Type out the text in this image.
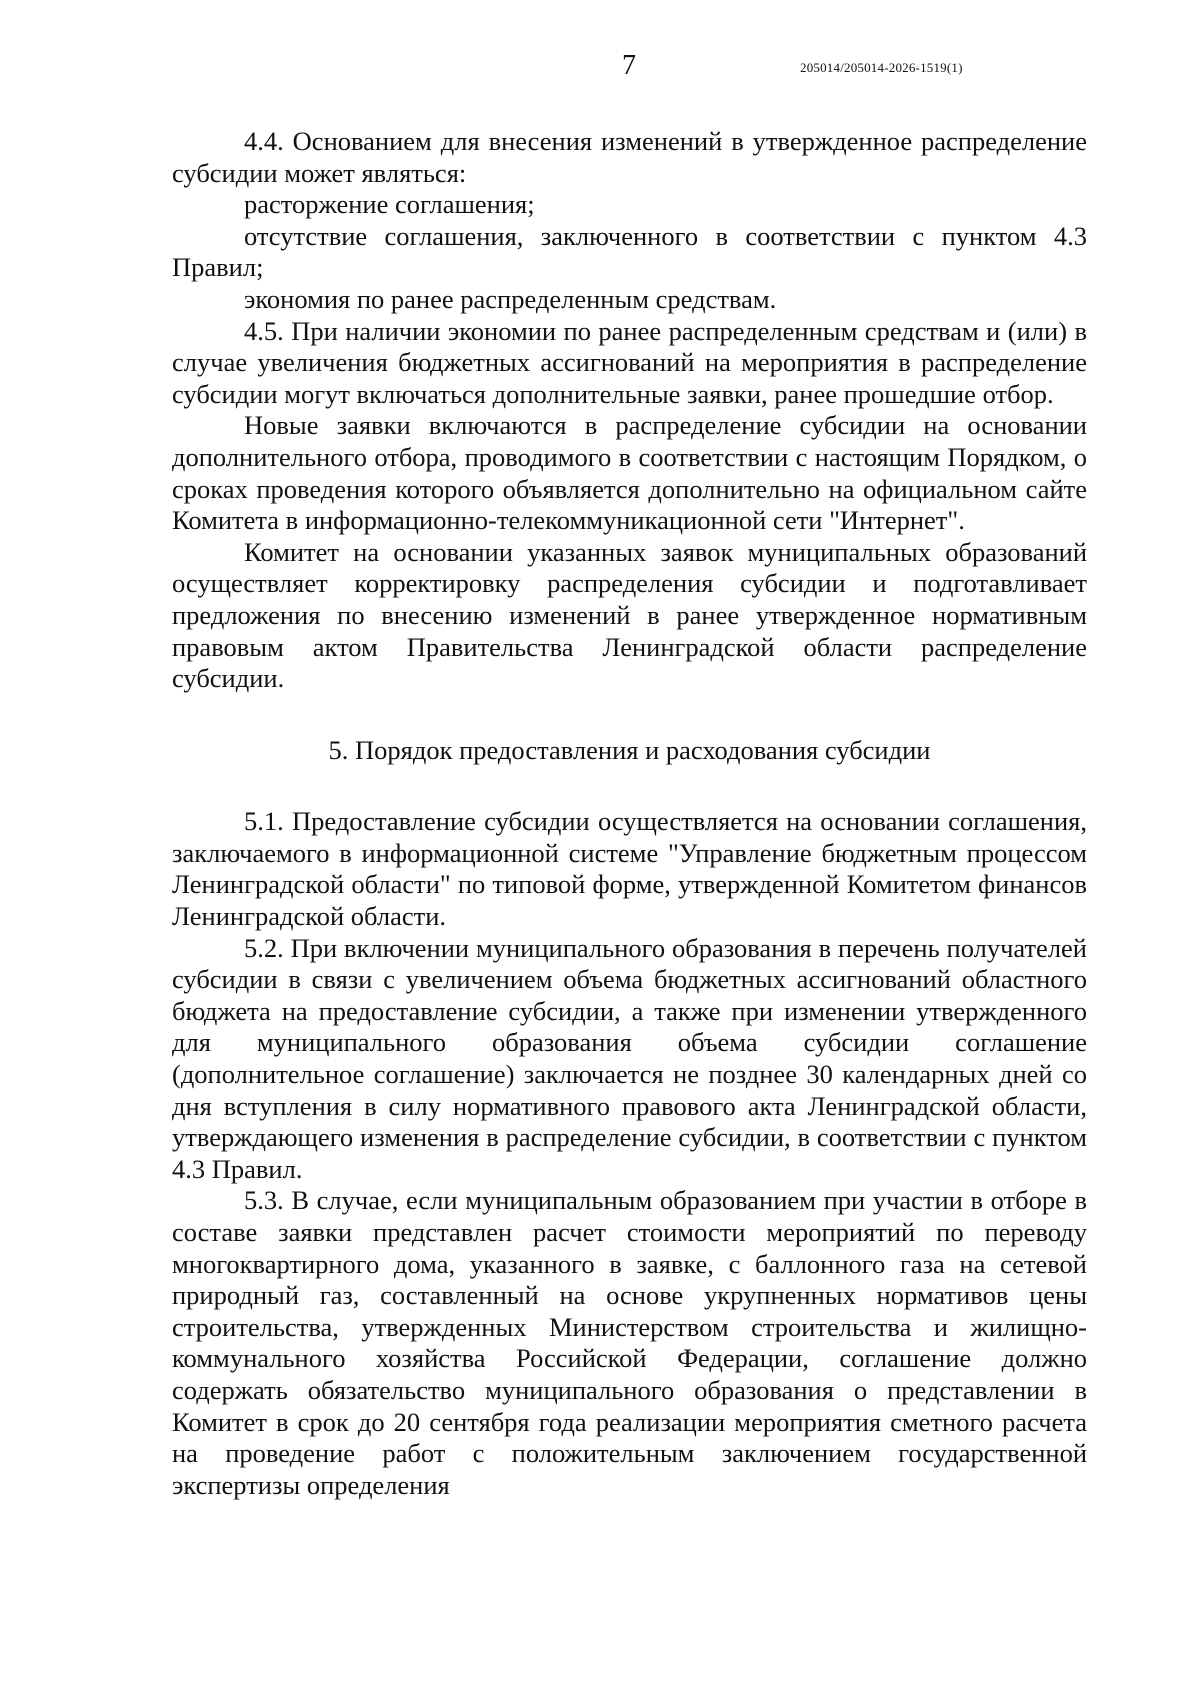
7	205014/205014-2026-1519(1)

4.4. Основанием для внесения изменений в утвержденное распределение субсидии может являться:

расторжение соглашения;

отсутствие соглашения, заключенного в соответствии с пунктом 4.3 Правил;

экономия по ранее распределенным средствам.

4.5. При наличии экономии по ранее распределенным средствам и (или) в случае увеличения бюджетных ассигнований на мероприятия в распределение субсидии могут включаться дополнительные заявки, ранее прошедшие отбор.

Новые заявки включаются в распределение субсидии на основании дополнительного отбора, проводимого в соответствии с настоящим Порядком, о сроках проведения которого объявляется дополнительно на официальном сайте Комитета в информационно-телекоммуникационной сети "Интернет".

Комитет на основании указанных заявок муниципальных образований осуществляет корректировку распределения субсидии и подготавливает предложения по внесению изменений в ранее утвержденное нормативным правовым актом Правительства Ленинградской области распределение субсидии.

5. Порядок предоставления и расходования субсидии

5.1. Предоставление субсидии осуществляется на основании соглашения, заключаемого в информационной системе "Управление бюджетным процессом Ленинградской области" по типовой форме, утвержденной Комитетом финансов Ленинградской области.

5.2. При включении муниципального образования в перечень получателей субсидии в связи с увеличением объема бюджетных ассигнований областного бюджета на предоставление субсидии, а также при изменении утвержденного для муниципального образования объема субсидии соглашение (дополнительное соглашение) заключается не позднее 30 календарных дней со дня вступления в силу нормативного правового акта Ленинградской области, утверждающего изменения в распределение субсидии, в соответствии с пунктом 4.3 Правил.

5.3. В случае, если муниципальным образованием при участии в отборе в составе заявки представлен расчет стоимости мероприятий по переводу многоквартирного дома, указанного в заявке, с баллонного газа на сетевой природный газ, составленный на основе укрупненных нормативов цены строительства, утвержденных Министерством строительства и жилищно-коммунального хозяйства Российской Федерации, соглашение должно содержать обязательство муниципального образования о представлении в Комитет в срок до 20 сентября года реализации мероприятия сметного расчета на проведение работ с положительным заключением государственной экспертизы определения
